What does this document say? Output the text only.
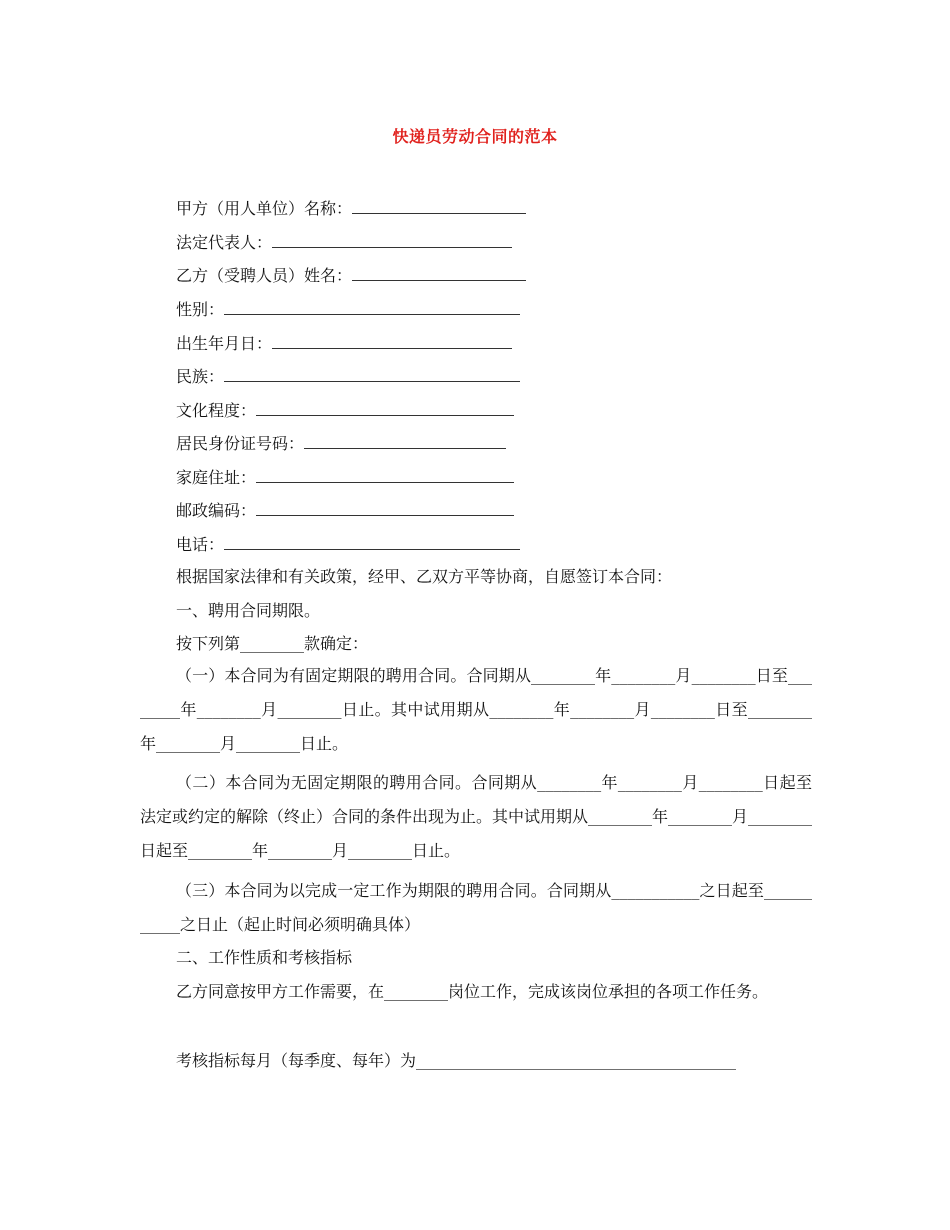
快递员劳动合同的范本
甲方（用人单位）名称：
法定代表人：
乙方（受聘人员）姓名：
性别：
出生年月日：
民族：
文化程度：
居民身份证号码：
家庭住址：
邮政编码：
电话：
根据国家法律和有关政策，经甲、乙双方平等协商，自愿签订本合同：
一、聘用合同期限。
按下列第________款确定：
（一）本合同为有固定期限的聘用合同。合同期从________年________月________日至________年________月________日止。其中试用期从________年________月________日至________年________月________日止。
（二）本合同为无固定期限的聘用合同。合同期从________年________月________日起至法定或约定的解除（终止）合同的条件出现为止。其中试用期从________年________月________日起至________年________月________日止。
（三）本合同为以完成一定工作为期限的聘用合同。合同期从___________之日起至___________之日止（起止时间必须明确具体）
二、工作性质和考核指标
乙方同意按甲方工作需要，在________岗位工作，完成该岗位承担的各项工作任务。
考核指标每月（每季度、每年）为________________________________________
